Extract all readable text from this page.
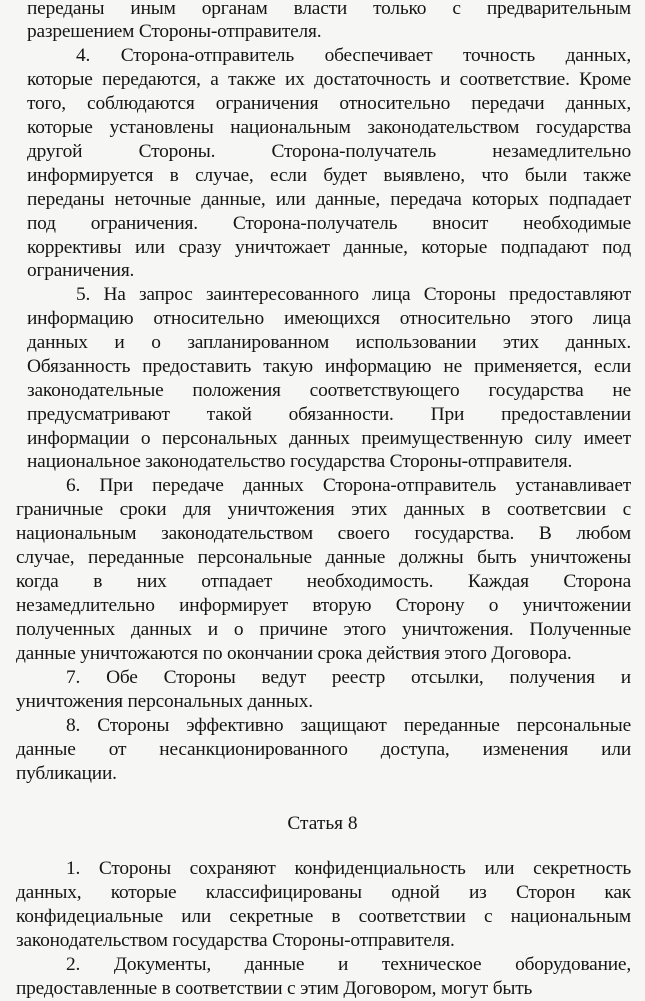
переданы иным органам власти только с предварительным
разрешением Стороны-отправителя.
4. Сторона-отправитель обеспечивает точность данных,
которые передаются, а также их достаточность и соответствие. Кроме
того, соблюдаются ограничения относительно передачи данных,
которые установлены национальным законодательством государства
другой Стороны. Сторона-получатель незамедлительно
информируется в случае, если будет выявлено, что были также
переданы неточные данные, или данные, передача которых подпадает
под ограничения. Сторона-получатель вносит необходимые
коррективы или сразу уничтожает данные, которые подпадают под
ограничения.
5. На запрос заинтересованного лица Стороны предоставляют
информацию относительно имеющихся относительно этого лица
данных и о запланированном использовании этих данных.
Обязанность предоставить такую информацию не применяется, если
законодательные положения соответствующего государства не
предусматривают такой обязанности. При предоставлении
информации о персональных данных преимущественную силу имеет
национальное законодательство государства Стороны-отправителя.
6. При передаче данных Сторона-отправитель устанавливает
граничные сроки для уничтожения этих данных в соответсвии с
национальным законодательством своего государства. В любом
случае, переданные персональные данные должны быть уничтожены
когда в них отпадает необходимость. Каждая Сторона
незамедлительно информирует вторую Сторону о уничтожении
полученных данных и о причине этого уничтожения. Полученные
данные уничтожаются по окончании срока действия этого Договора.
7. Обе Стороны ведут реестр отсылки, получения и
уничтожения персональных данных.
8. Стороны эффективно защищают переданные персональные
данные от несанкционированного доступа, изменения или
публикации.
Статья 8
1. Стороны сохраняют конфиденциальность или секретность
данных, которые классифицированы одной из Сторон как
конфидециальные или секретные в соответствии с национальным
законодательством государства Стороны-отправителя.
2. Документы, данные и техническое оборудование,
предоставленные в соответствии с этим Договором, могут быть
